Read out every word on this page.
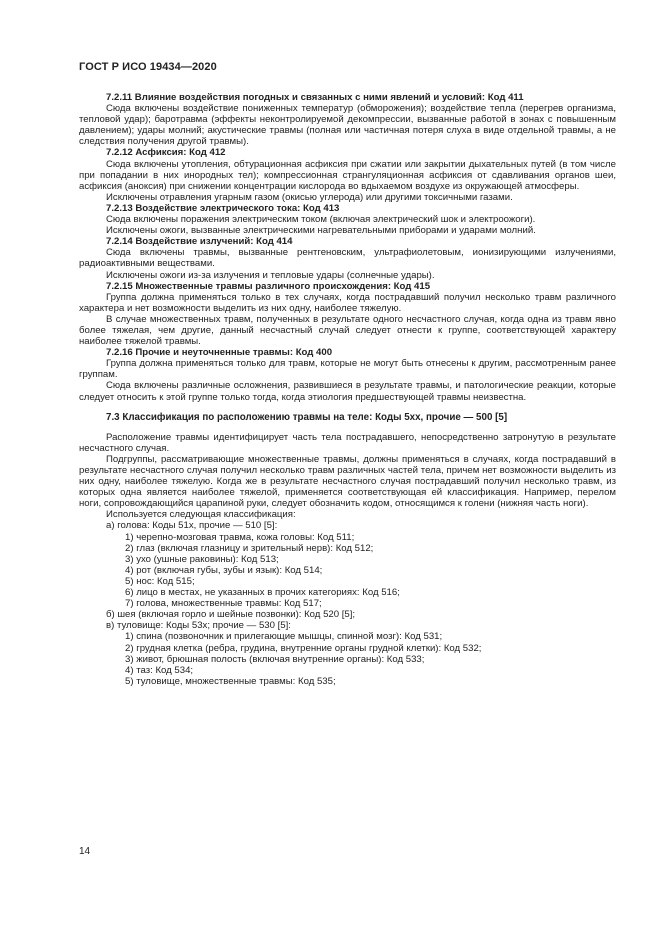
ГОСТ Р ИСО 19434—2020
7.2.11 Влияние воздействия погодных и связанных с ними явлений и условий: Код 411
Сюда включены воздействие пониженных температур (обморожения); воздействие тепла (перегрев организма, тепловой удар); баротравма (эффекты неконтролируемой декомпрессии, вызванные работой в зонах с повышенным давлением); удары молний; акустические травмы (полная или частичная потеря слуха в виде отдельной травмы, а не следствия получения другой травмы).
7.2.12 Асфиксия: Код 412
Сюда включены утопления, обтурационная асфиксия при сжатии или закрытии дыхательных путей (в том числе при попадании в них инородных тел); компрессионная странгуляционная асфиксия от сдавливания органов шеи, асфиксия (аноксия) при снижении концентрации кислорода во вдыхаемом воздухе из окружающей атмосферы.
Исключены отравления угарным газом (окисью углерода) или другими токсичными газами.
7.2.13 Воздействие электрического тока: Код 413
Сюда включены поражения электрическим током (включая электрический шок и электроожоги).
Исключены ожоги, вызванные электрическими нагревательными приборами и ударами молний.
7.2.14 Воздействие излучений: Код 414
Сюда включены травмы, вызванные рентгеновским, ультрафиолетовым, ионизирующими излучениями, радиоактивными веществами.
Исключены ожоги из-за излучения и тепловые удары (солнечные удары).
7.2.15 Множественные травмы различного происхождения: Код 415
Группа должна применяться только в тех случаях, когда пострадавший получил несколько травм различного характера и нет возможности выделить из них одну, наиболее тяжелую.
В случае множественных травм, полученных в результате одного несчастного случая, когда одна из травм явно более тяжелая, чем другие, данный несчастный случай следует отнести к группе, соответствующей характеру наиболее тяжелой травмы.
7.2.16 Прочие и неуточненные травмы: Код 400
Группа должна применяться только для травм, которые не могут быть отнесены к другим, рассмотренным ранее группам.
Сюда включены различные осложнения, развившиеся в результате травмы, и патологические реакции, которые следует относить к этой группе только тогда, когда этиология предшествующей травмы неизвестна.
7.3 Классификация по расположению травмы на теле: Коды 5хх, прочие — 500 [5]
Расположение травмы идентифицирует часть тела пострадавшего, непосредственно затронутую в результате несчастного случая.
Подгруппы, рассматривающие множественные травмы, должны применяться в случаях, когда пострадавший в результате несчастного случая получил несколько травм различных частей тела, причем нет возможности выделить из них одну, наиболее тяжелую. Когда же в результате несчастного случая пострадавший получил несколько травм, из которых одна является наиболее тяжелой, применяется соответствующая ей классификация. Например, перелом ноги, сопровождающийся царапиной руки, следует обозначить кодом, относящимся к голени (нижняя часть ноги).
Используется следующая классификация:
а) голова: Коды 51х, прочие — 510 [5]:
1) черепно-мозговая травма, кожа головы: Код 511;
2) глаз (включая глазницу и зрительный нерв): Код 512;
3) ухо (ушные раковины): Код 513;
4) рот (включая губы, зубы и язык): Код 514;
5) нос: Код 515;
6) лицо в местах, не указанных в прочих категориях: Код 516;
7) голова, множественные травмы: Код 517;
б) шея (включая горло и шейные позвонки): Код 520 [5];
в) туловище: Коды 53х; прочие — 530 [5]:
1) спина (позвоночник и прилегающие мышцы, спинной мозг): Код 531;
2) грудная клетка (ребра, грудина, внутренние органы грудной клетки): Код 532;
3) живот, брюшная полость (включая внутренние органы): Код 533;
4) таз: Код 534;
5) туловище, множественные травмы: Код 535;
14
